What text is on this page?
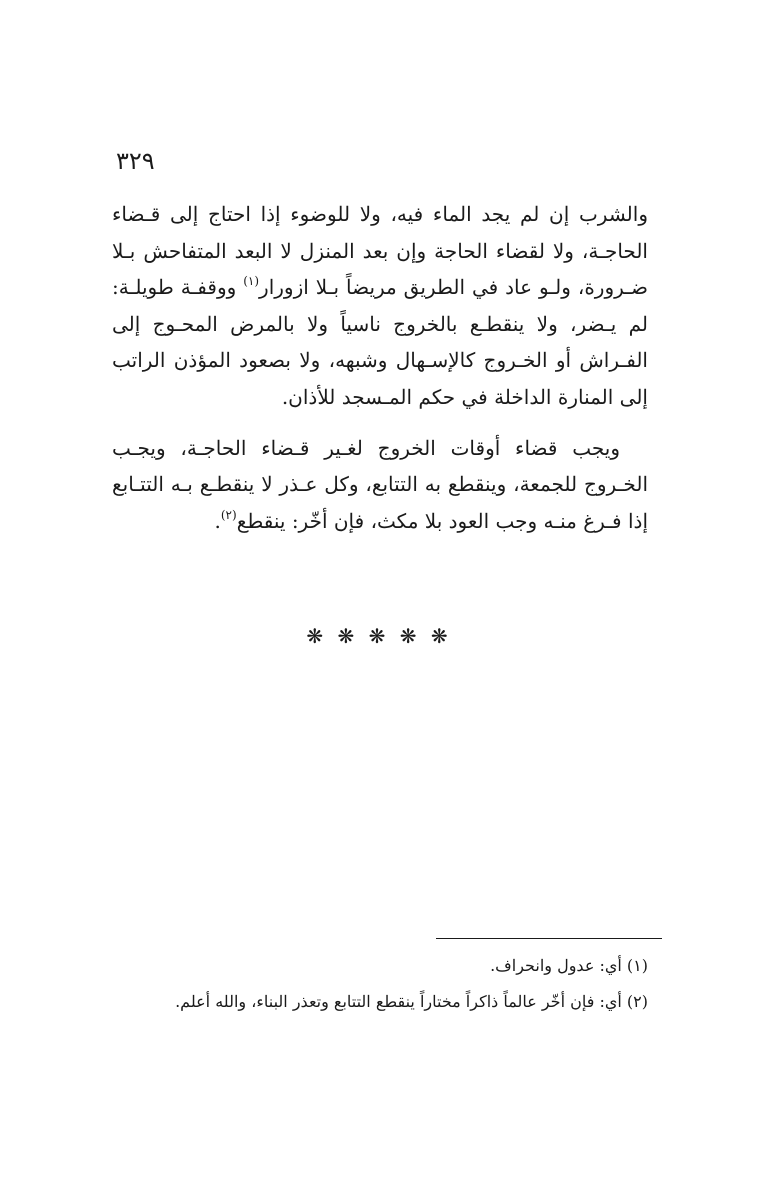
٣٢٩

والشرب إن لم يجد الماء فيه، ولا للوضوء إذا احتاج إلى قـضاء الحاجـة، ولا لقضاء الحاجة وإن بعد المنزل لا البعد المتفاحش بـلا ضـرورة، ولـو عاد في الطريق مريضاً بـلا ازورار$^{(١)}$ ووقفـة طويلـة: لم يـضر، ولا ينقطـع بالخروج ناسياً ولا بالمرض المحـوج إلى الفـراش أو الخـروج كالإسـهال وشبهه، ولا بصعود المؤذن الراتب إلى المنارة الداخلة في حكم المـسجد للأذان.

ويجب قضاء أوقات الخروج لغـير قـضاء الحاجـة، ويجـب الخـروج للجمعة، وينقطع به التتابع، وكل عـذر لا ينقطـع بـه التتـابع إذا فـرغ منـه وجب العود بلا مكث، فإن أخّر: ينقطع$^{(٢)}$.

❋ ❋ ❋ ❋ ❋

(١) أي: عدول وانحراف.

(٢) أي: فإن أخّر عالماً ذاكراً مختاراً ينقطع التتابع وتعذر البناء، والله أعلم.
